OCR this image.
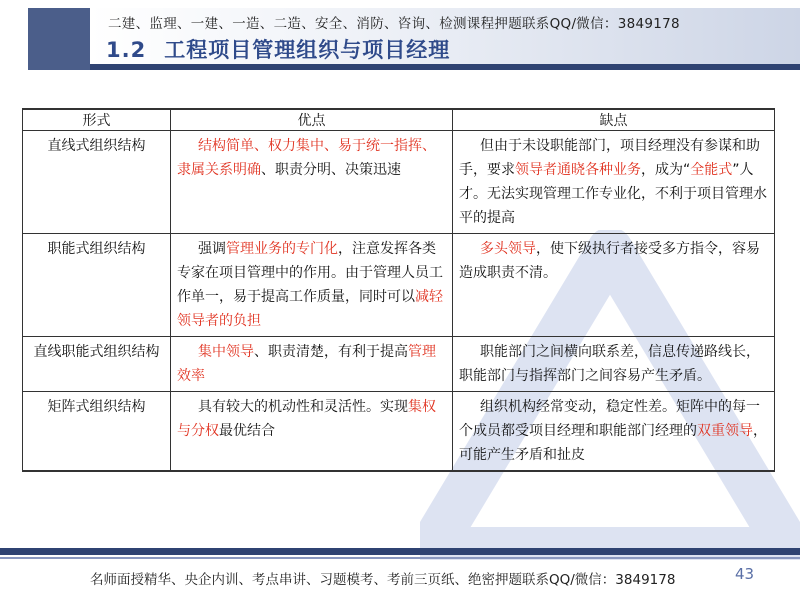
二建、监理、一建、一造、二造、安全、消防、咨询、检测课程押题联系QQ/微信：3849178
1.2 工程项目管理组织与项目经理
形式	优点	缺点
直线式组织结构	结构简单、权力集中、易于统一指挥、隶属关系明确、职责分明、决策迅速	但由于未设职能部门，项目经理没有参谋和助手，要求领导者通晓各种业务，成为“全能式”人才。无法实现管理工作专业化，不利于项目管理水平的提高
职能式组织结构	强调管理业务的专门化，注意发挥各类专家在项目管理中的作用。由于管理人员工作单一，易于提高工作质量，同时可以减轻领导者的负担	多头领导，使下级执行者接受多方指令，容易造成职责不清。
直线职能式组织结构	集中领导、职责清楚，有利于提高管理效率	职能部门之间横向联系差，信息传递路线长，职能部门与指挥部门之间容易产生矛盾。
矩阵式组织结构	具有较大的机动性和灵活性。实现集权与分权最优结合	组织机构经常变动，稳定性差。矩阵中的每一个成员都受项目经理和职能部门经理的双重领导，可能产生矛盾和扯皮
名师面授精华、央企内训、考点串讲、习题模考、考前三页纸、绝密押题联系QQ/微信：3849178	43
